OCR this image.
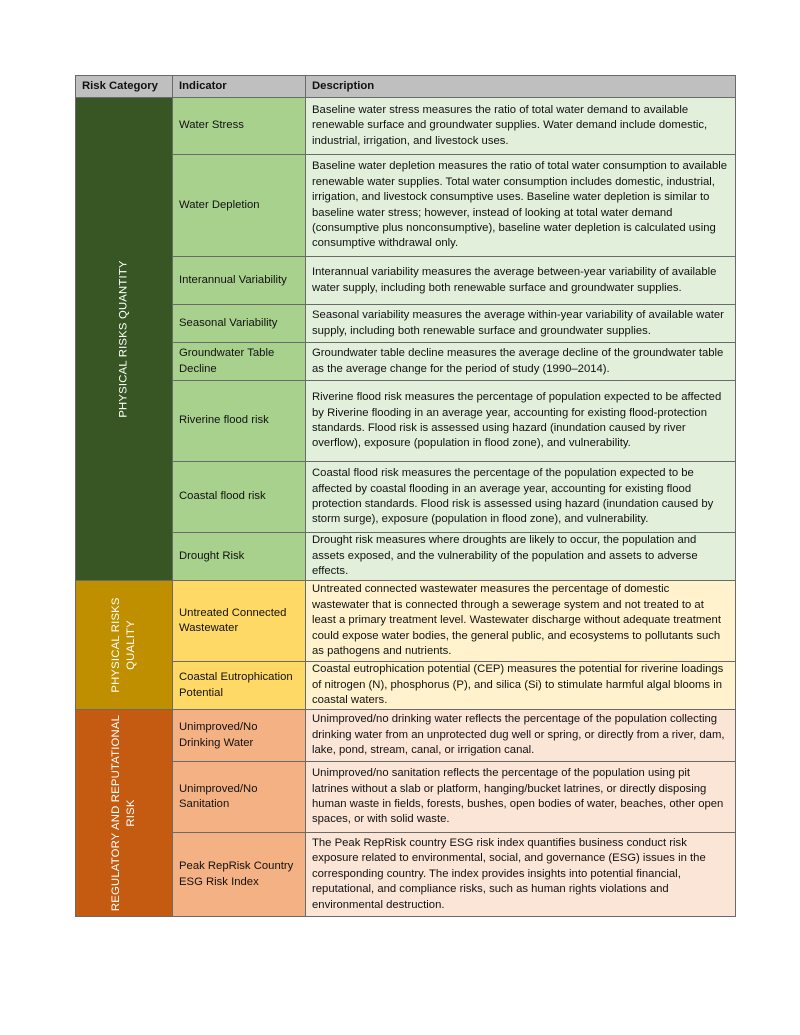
Risk Category	Indicator	Description

PHYSICAL RISKS QUANTITY	Water Stress	Baseline water stress measures the ratio of total water demand to available renewable surface and groundwater supplies. Water demand include domestic, industrial, irrigation, and livestock uses.
	Water Depletion	Baseline water depletion measures the ratio of total water consumption to available renewable water supplies. Total water consumption includes domestic, industrial, irrigation, and livestock consumptive uses. Baseline water depletion is similar to baseline water stress; however, instead of looking at total water demand (consumptive plus nonconsumptive), baseline water depletion is calculated using consumptive withdrawal only.
	Interannual Variability	Interannual variability measures the average between-year variability of available water supply, including both renewable surface and groundwater supplies.
	Seasonal Variability	Seasonal variability measures the average within-year variability of available water supply, including both renewable surface and groundwater supplies.
	Groundwater Table Decline	Groundwater table decline measures the average decline of the groundwater table as the average change for the period of study (1990–2014).
	Riverine flood risk	Riverine flood risk measures the percentage of population expected to be affected by Riverine flooding in an average year, accounting for existing flood-protection standards. Flood risk is assessed using hazard (inundation caused by river overflow), exposure (population in flood zone), and vulnerability.
	Coastal flood risk	Coastal flood risk measures the percentage of the population expected to be affected by coastal flooding in an average year, accounting for existing flood protection standards. Flood risk is assessed using hazard (inundation caused by storm surge), exposure (population in flood zone), and vulnerability.
	Drought Risk	Drought risk measures where droughts are likely to occur, the population and assets exposed, and the vulnerability of the population and assets to adverse effects.

PHYSICAL RISKS QUALITY	Untreated Connected Wastewater	Untreated connected wastewater measures the percentage of domestic wastewater that is connected through a sewerage system and not treated to at least a primary treatment level. Wastewater discharge without adequate treatment could expose water bodies, the general public, and ecosystems to pollutants such as pathogens and nutrients.
	Coastal Eutrophication Potential	Coastal eutrophication potential (CEP) measures the potential for riverine loadings of nitrogen (N), phosphorus (P), and silica (Si) to stimulate harmful algal blooms in coastal waters.

REGULATORY AND REPUTATIONAL RISK	Unimproved/No Drinking Water	Unimproved/no drinking water reflects the percentage of the population collecting drinking water from an unprotected dug well or spring, or directly from a river, dam, lake, pond, stream, canal, or irrigation canal.
	Unimproved/No Sanitation	Unimproved/no sanitation reflects the percentage of the population using pit latrines without a slab or platform, hanging/bucket latrines, or directly disposing human waste in fields, forests, bushes, open bodies of water, beaches, other open spaces, or with solid waste.
	Peak RepRisk Country ESG Risk Index	The Peak RepRisk country ESG risk index quantifies business conduct risk exposure related to environmental, social, and governance (ESG) issues in the corresponding country. The index provides insights into potential financial, reputational, and compliance risks, such as human rights violations and environmental destruction.
